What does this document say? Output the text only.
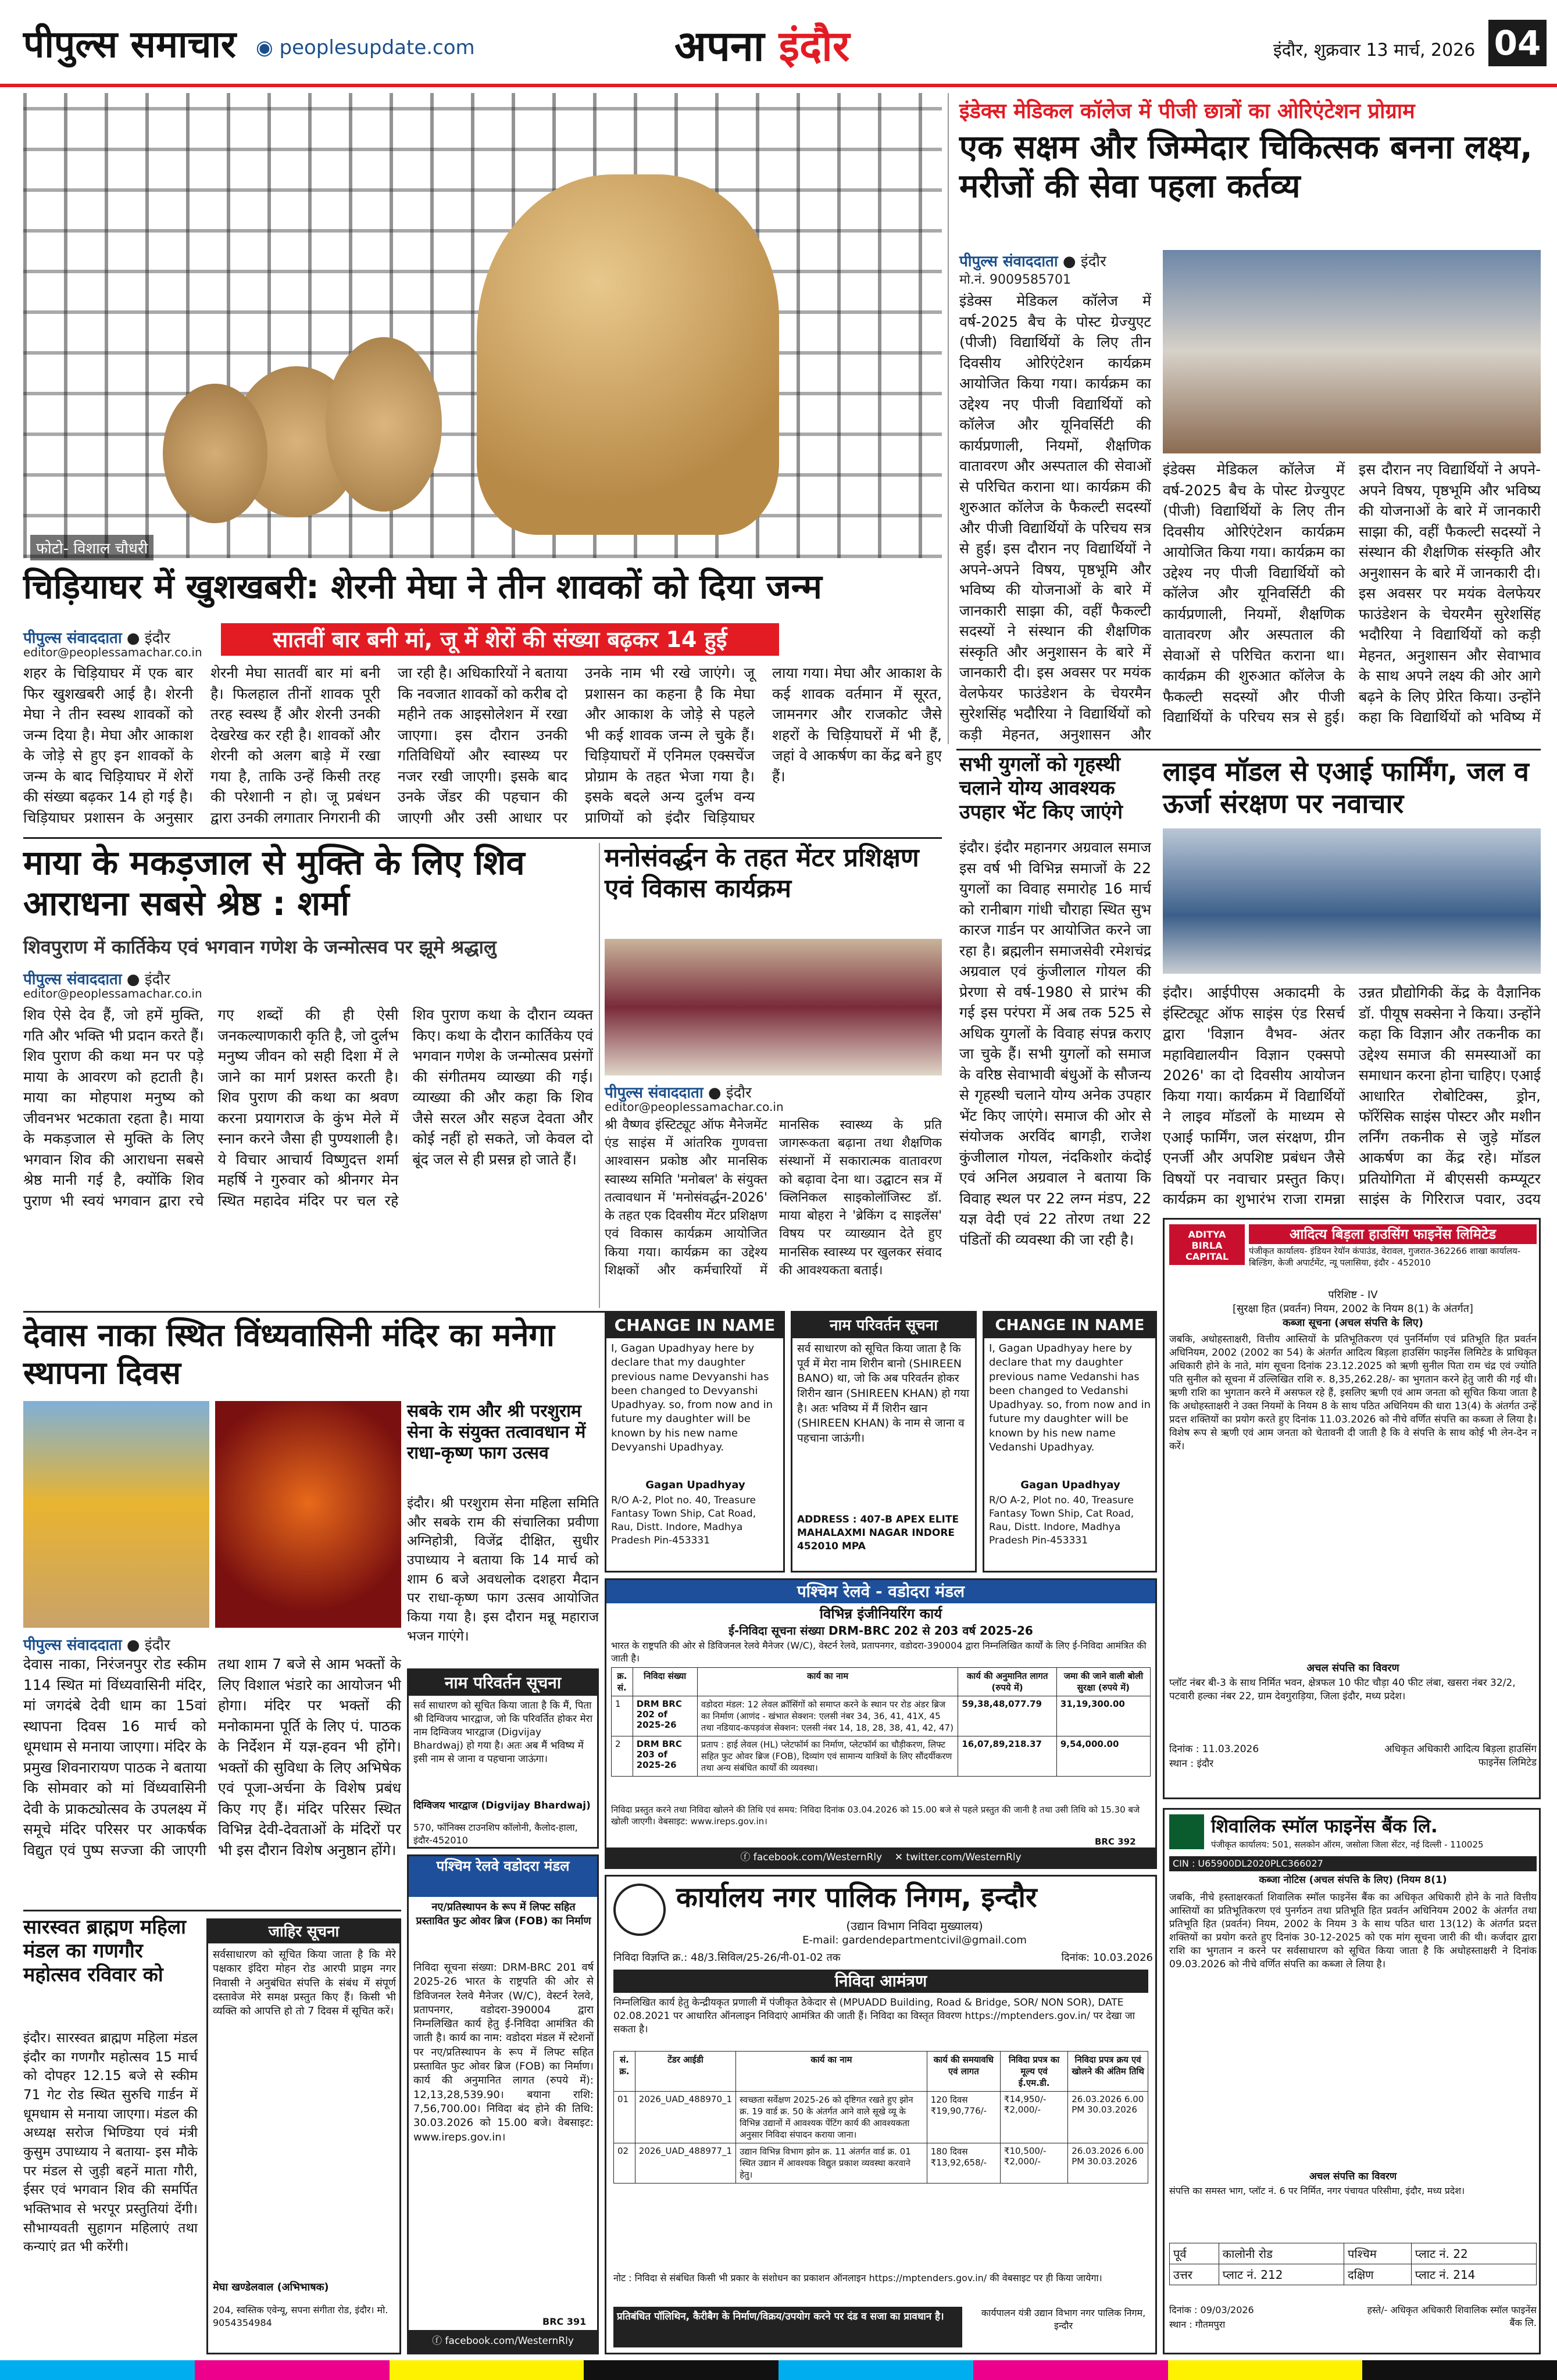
पीपुल्स समाचार ◉ peoplesupdate.com	अपना इंदौर	इंदौर, शुक्रवार 13 मार्च, 2026 04
फोटो- विशाल चौधरी
चिड़ियाघर में खुशखबरी: शेरनी मेघा ने तीन शावकों को दिया जन्म
पीपुल्स संवाददाता ● इंदौर
editor@peoplessamachar.co.in	सातवीं बार बनी मां, जू में शेरों की संख्या बढ़कर 14 हुई
शहर के चिड़ियाघर में एक बार फिर खुशखबरी आई है। शेरनी मेघा ने तीन स्वस्थ शावकों को जन्म दिया है। मेघा और आकाश के जोड़े से हुए इन शावकों के जन्म के बाद चिड़ियाघर में शेरों की संख्या बढ़कर 14 हो गई है। चिड़ियाघर प्रशासन के अनुसार शेरनी मेघा सातवीं बार मां बनी है। फिलहाल तीनों शावक पूरी तरह स्वस्थ हैं और शेरनी उनकी देखरेख कर रही है। शावकों और शेरनी को अलग बाड़े में रखा गया है, ताकि उन्हें किसी तरह की परेशानी न हो। जू प्रबंधन द्वारा उनकी लगातार निगरानी की जा रही है। अधिकारियों ने बताया कि नवजात शावकों को करीब दो महीने तक आइसोलेशन में रखा जाएगा। इस दौरान उनकी गतिविधियों और स्वास्थ्य पर नजर रखी जाएगी। इसके बाद उनके जेंडर की पहचान की जाएगी और उसी आधार पर उनके नाम भी रखे जाएंगे। जू प्रशासन का कहना है कि मेघा और आकाश के जोड़े से पहले भी कई शावक जन्म ले चुके हैं। चिड़ियाघरों में एनिमल एक्सचेंज प्रोग्राम के तहत भेजा गया है। इसके बदले अन्य दुर्लभ वन्य प्राणियों को इंदौर चिड़ियाघर लाया गया। मेघा और आकाश के कई शावक वर्तमान में सूरत, जामनगर और राजकोट जैसे शहरों के चिड़ियाघरों में भी हैं, जहां वे आकर्षण का केंद्र बने हुए हैं।
इंडेक्स मेडिकल कॉलेज में पीजी छात्रों का ओरिएंटेशन प्रोग्राम
एक सक्षम और जिम्मेदार चिकित्सक बनना लक्ष्य, मरीजों की सेवा पहला कर्तव्य
पीपुल्स संवाददाता ● इंदौर
मो.नं. 9009585701
इंडेक्स मेडिकल कॉलेज में वर्ष-2025 बैच के पोस्ट ग्रेज्युएट (पीजी) विद्यार्थियों के लिए तीन दिवसीय ओरिएंटेशन कार्यक्रम आयोजित किया गया। कार्यक्रम का उद्देश्य नए पीजी विद्यार्थियों को कॉलेज और यूनिवर्सिटी की कार्यप्रणाली, नियमों, शैक्षणिक वातावरण और अस्पताल की सेवाओं से परिचित कराना था। कार्यक्रम की शुरुआत कॉलेज के फैकल्टी सदस्यों और पीजी विद्यार्थियों के परिचय सत्र से हुई। इस दौरान नए विद्यार्थियों ने अपने-अपने विषय, पृष्ठभूमि और भविष्य की योजनाओं के बारे में जानकारी साझा की, वहीं फैकल्टी सदस्यों ने संस्थान की शैक्षणिक संस्कृति और अनुशासन के बारे में जानकारी दी। इस अवसर पर मयंक वेलफेयर फाउंडेशन के चेयरमैन सुरेशसिंह भदौरिया ने विद्यार्थियों को कड़ी मेहनत, अनुशासन और
इंडेक्स मेडिकल कॉलेज में वर्ष-2025 बैच के पोस्ट ग्रेज्युएट (पीजी) विद्यार्थियों के लिए तीन दिवसीय ओरिएंटेशन कार्यक्रम आयोजित किया गया। कार्यक्रम का उद्देश्य नए पीजी विद्यार्थियों को कॉलेज और यूनिवर्सिटी की कार्यप्रणाली, नियमों, शैक्षणिक वातावरण और अस्पताल की सेवाओं से परिचित कराना था। कार्यक्रम की शुरुआत कॉलेज के फैकल्टी सदस्यों और पीजी विद्यार्थियों के परिचय सत्र से हुई। इस दौरान नए विद्यार्थियों ने अपने-अपने विषय, पृष्ठभूमि और भविष्य की योजनाओं के बारे में जानकारी साझा की, वहीं फैकल्टी सदस्यों ने संस्थान की शैक्षणिक संस्कृति और अनुशासन के बारे में जानकारी दी। इस अवसर पर मयंक वेलफेयर फाउंडेशन के चेयरमैन सुरेशसिंह भदौरिया ने विद्यार्थियों को कड़ी मेहनत, अनुशासन और सेवाभाव के साथ अपने लक्ष्य की ओर आगे बढ़ने के लिए प्रेरित किया। उन्होंने कहा कि विद्यार्थियों को भविष्य में
सभी युगलों को गृहस्थी चलाने योग्य आवश्यक उपहार भेंट किए जाएंगे
इंदौर। इंदौर महानगर अग्रवाल समाज इस वर्ष भी विभिन्न समाजों के 22 युगलों का विवाह समारोह 16 मार्च को रानीबाग गांधी चौराहा स्थित सुभ कारज गार्डन पर आयोजित करने जा रहा है। ब्रह्मलीन समाजसेवी रमेशचंद्र अग्रवाल एवं कुंजीलाल गोयल की प्रेरणा से वर्ष-1980 से प्रारंभ की गई इस परंपरा में अब तक 525 से अधिक युगलों के विवाह संपन्न कराए जा चुके हैं। सभी युगलों को समाज के वरिष्ठ सेवाभावी बंधुओं के सौजन्य से गृहस्थी चलाने योग्य अनेक उपहार भेंट किए जाएंगे। समाज की ओर से संयोजक अरविंद बागड़ी, राजेश कुंजीलाल गोयल, नंदकिशोर कंदोई एवं अनिल अग्रवाल ने बताया कि विवाह स्थल पर 22 लग्न मंडप, 22 यज्ञ वेदी एवं 22 तोरण तथा 22 पंडितों की व्यवस्था की जा रही है।
लाइव मॉडल से एआई फार्मिंग, जल व ऊर्जा संरक्षण पर नवाचार
इंदौर। आईपीएस अकादमी के इंस्टिट्यूट ऑफ साइंस एंड रिसर्च द्वारा 'विज्ञान वैभव- अंतर महाविद्यालयीन विज्ञान एक्सपो 2026' का दो दिवसीय आयोजन किया गया। कार्यक्रम में विद्यार्थियों ने लाइव मॉडलों के माध्यम से एआई फार्मिंग, जल संरक्षण, ग्रीन एनर्जी और अपशिष्ट प्रबंधन जैसे विषयों पर नवाचार प्रस्तुत किए। कार्यक्रम का शुभारंभ राजा रामन्ना उन्नत प्रौद्योगिकी केंद्र के वैज्ञानिक डॉ. पीयूष सक्सेना ने किया। उन्होंने कहा कि विज्ञान और तकनीक का उद्देश्य समाज की समस्याओं का समाधान करना होना चाहिए। एआई आधारित रोबोटिक्स, ड्रोन, फॉरेंसिक साइंस पोस्टर और मशीन लर्निंग तकनीक से जुड़े मॉडल आकर्षण का केंद्र रहे। मॉडल प्रतियोगिता में बीएससी कम्प्यूटर साइंस के गिरिराज पवार, उदय
ADITYA BIRLA CAPITAL
आदित्य बिड़ला हाउसिंग फाइनेंस लिमिटेड
पंजीकृत कार्यालय- इंडियन रेयॉन कंपाउंड, वेरावल, गुजरात-362266 शाखा कार्यालय- बिल्डिंग, केजी अपार्टमेंट, न्यू पलासिया, इंदौर - 452010
परिशिष्ट - IV
[सुरक्षा हित (प्रवर्तन) नियम, 2002 के नियम 8(1) के अंतर्गत]
कब्जा सूचना (अचल संपत्ति के लिए)
जबकि, अधोहस्ताक्षरी, वित्तीय आस्तियों के प्रतिभूतिकरण एवं पुनर्निर्माण एवं प्रतिभूति हित प्रवर्तन अधिनियम, 2002 (2002 का 54) के अंतर्गत आदित्य बिड़ला हाउसिंग फाइनेंस लिमिटेड के प्राधिकृत अधिकारी होने के नाते, मांग सूचना दिनांक 23.12.2025 को ऋणी सुनील पिता राम चंद्र एवं ज्योति पति सुनील को सूचना में उल्लिखित राशि रु. 8,35,262.28/- का भुगतान करने हेतु जारी की गई थी। ऋणी राशि का भुगतान करने में असफल रहे हैं, इसलिए ऋणी एवं आम जनता को सूचित किया जाता है कि अधोहस्ताक्षरी ने उक्त नियमों के नियम 8 के साथ पठित अधिनियम की धारा 13(4) के अंतर्गत उन्हें प्रदत्त शक्तियों का प्रयोग करते हुए दिनांक 11.03.2026 को नीचे वर्णित संपत्ति का कब्जा ले लिया है। विशेष रूप से ऋणी एवं आम जनता को चेतावनी दी जाती है कि वे संपत्ति के साथ कोई भी लेन-देन न करें।
अचल संपत्ति का विवरण
प्लॉट नंबर बी-3 के साथ निर्मित भवन, क्षेत्रफल 10 फीट चौड़ा 40 फीट लंबा, खसरा नंबर 32/2, पटवारी हल्का नंबर 22, ग्राम देवगुराड़िया, जिला इंदौर, मध्य प्रदेश।
दिनांक : 11.03.2026
स्थान : इंदौर
अधिकृत अधिकारी आदित्य बिड़ला हाउसिंग फाइनेंस लिमिटेड
शिवालिक स्मॉल फाइनेंस बैंक लि.
पंजीकृत कार्यालय: 501, सलकोन ऑरम, जसोला जिला सेंटर, नई दिल्ली - 110025
CIN : U65900DL2020PLC366027
कब्जा नोटिस (अचल संपत्ति के लिए) (नियम 8(1)
जबकि, नीचे हस्ताक्षरकर्ता शिवालिक स्मॉल फाइनेंस बैंक का अधिकृत अधिकारी होने के नाते वित्तीय आस्तियों का प्रतिभूतिकरण एवं पुनर्गठन तथा प्रतिभूति हित प्रवर्तन अधिनियम 2002 के अंतर्गत तथा प्रतिभूति हित (प्रवर्तन) नियम, 2002 के नियम 3 के साथ पठित धारा 13(12) के अंतर्गत प्रदत्त शक्तियों का प्रयोग करते हुए दिनांक 30-12-2025 को एक मांग सूचना जारी की थी। कर्जदार द्वारा राशि का भुगतान न करने पर सर्वसाधारण को सूचित किया जाता है कि अधोहस्ताक्षरी ने दिनांक 09.03.2026 को नीचे वर्णित संपत्ति का कब्जा ले लिया है।
अचल संपत्ति का विवरण
संपत्ति का समस्त भाग, प्लॉट नं. 6 पर निर्मित, नगर पंचायत परिसीमा, इंदौर, मध्य प्रदेश।
पूर्व	कालोनी रोड	पश्चिम	प्लाट नं. 22
उत्तर	प्लाट नं. 212	दक्षिण	प्लाट नं. 214
दिनांक : 09/03/2026
स्थान : गौतमपुरा
हस्ते/- अधिकृत अधिकारी शिवालिक स्मॉल फाइनेंस बैंक लि.
माया के मकड़जाल से मुक्ति के लिए शिव आराधना सबसे श्रेष्ठ : शर्मा
शिवपुराण में कार्तिकेय एवं भगवान गणेश के जन्मोत्सव पर झूमे श्रद्धालु
पीपुल्स संवाददाता ● इंदौर
editor@peoplessamachar.co.in
शिव ऐसे देव हैं, जो हमें मुक्ति, गति और भक्ति भी प्रदान करते हैं। शिव पुराण की कथा मन पर पड़े माया के आवरण को हटाती है। माया का मोहपाश मनुष्य को जीवनभर भटकाता रहता है। माया के मकड़जाल से मुक्ति के लिए भगवान शिव की आराधना सबसे श्रेष्ठ मानी गई है, क्योंकि शिव पुराण भी स्वयं भगवान द्वारा रचे गए शब्दों की ही ऐसी जनकल्याणकारी कृति है, जो दुर्लभ मनुष्य जीवन को सही दिशा में ले जाने का मार्ग प्रशस्त करती है। शिव पुराण की कथा का श्रवण करना प्रयागराज के कुंभ मेले में स्नान करने जैसा ही पुण्यशाली है। ये विचार आचार्य विष्णुदत्त शर्मा महर्षि ने गुरुवार को श्रीनगर मेन स्थित महादेव मंदिर पर चल रहे शिव पुराण कथा के दौरान व्यक्त किए। कथा के दौरान कार्तिकेय एवं भगवान गणेश के जन्मोत्सव प्रसंगों की संगीतमय व्याख्या की गई। व्याख्या की और कहा कि शिव जैसे सरल और सहज देवता और कोई नहीं हो सकते, जो केवल दो बूंद जल से ही प्रसन्न हो जाते हैं।
मनोसंवर्द्धन के तहत मेंटर प्रशिक्षण एवं विकास कार्यक्रम
पीपुल्स संवाददाता ● इंदौर
editor@peoplessamachar.co.in
श्री वैष्णव इंस्टिट्यूट ऑफ मैनेजमेंट एंड साइंस में आंतरिक गुणवत्ता आश्वासन प्रकोष्ठ और मानसिक स्वास्थ्य समिति 'मनोबल' के संयुक्त तत्वावधान में 'मनोसंवर्द्धन-2026' के तहत एक दिवसीय मेंटर प्रशिक्षण एवं विकास कार्यक्रम आयोजित किया गया। कार्यक्रम का उद्देश्य शिक्षकों और कर्मचारियों में मानसिक स्वास्थ्य के प्रति जागरूकता बढ़ाना तथा शैक्षणिक संस्थानों में सकारात्मक वातावरण को बढ़ावा देना था। उद्घाटन सत्र में क्लिनिकल साइकोलॉजिस्ट डॉ. माया बोहरा ने 'ब्रेकिंग द साइलेंस' विषय पर व्याख्यान देते हुए मानसिक स्वास्थ्य पर खुलकर संवाद की आवश्यकता बताई।
देवास नाका स्थित विंध्यवासिनी मंदिर का मनेगा स्थापना दिवस
पीपुल्स संवाददाता ● इंदौर
देवास नाका, निरंजनपुर रोड स्कीम 114 स्थित मां विंध्यवासिनी मंदिर, मां जगदंबे देवी धाम का 15वां स्थापना दिवस 16 मार्च को धूमधाम से मनाया जाएगा। मंदिर के प्रमुख शिवनारायण पाठक ने बताया कि सोमवार को मां विंध्यवासिनी देवी के प्राकट्योत्सव के उपलक्ष्य में समूचे मंदिर परिसर पर आकर्षक विद्युत एवं पुष्प सज्जा की जाएगी तथा शाम 7 बजे से आम भक्तों के लिए विशाल भंडारे का आयोजन भी होगा। मंदिर पर भक्तों की मनोकामना पूर्ति के लिए पं. पाठक के निर्देशन में यज्ञ-हवन भी होंगे। भक्तों की सुविधा के लिए अभिषेक एवं पूजा-अर्चना के विशेष प्रबंध किए गए हैं। मंदिर परिसर स्थित विभिन्न देवी-देवताओं के मंदिरों पर भी इस दौरान विशेष अनुष्ठान होंगे।
सबके राम और श्री परशुराम सेना के संयुक्त तत्वावधान में राधा-कृष्ण फाग उत्सव
इंदौर। श्री परशुराम सेना महिला समिति और सबके राम की संचालिका प्रवीणा अग्निहोत्री, विजेंद्र दीक्षित, सुधीर उपाध्याय ने बताया कि 14 मार्च को शाम 6 बजे अवधलोक दशहरा मैदान पर राधा-कृष्ण फाग उत्सव आयोजित किया गया है। इस दौरान मन्नू महाराज भजन गाएंगे।
नाम परिवर्तन सूचना
सर्व साधारण को सूचित किया जाता है कि मैं, पिता श्री दिग्विजय भारद्वाज, जो कि परिवर्तित होकर मेरा नाम दिग्विजय भारद्वाज (Digvijay Bhardwaj) हो गया है। अतः अब मैं भविष्य में इसी नाम से जाना व पहचाना जाऊंगा।
दिग्विजय भारद्वाज (Digvijay Bhardwaj)
570, फॉनिक्स टाउनशिप कॉलोनी, कैलोद-हाला, इंदौर-452010
पश्चिम रेलवे वडोदरा मंडल
नए/प्रतिस्थापन के रूप में लिफ्ट सहित प्रस्तावित फुट ओवर ब्रिज (FOB) का निर्माण
निविदा सूचना संख्या: DRM-BRC 201 वर्ष 2025-26 भारत के राष्ट्रपति की ओर से डिविजनल रेलवे मैनेजर (W/C), वेस्टर्न रेलवे, प्रतापनगर, वडोदरा-390004 द्वारा निम्नलिखित कार्य हेतु ई-निविदा आमंत्रित की जाती है। कार्य का नाम: वडोदरा मंडल में स्टेशनों पर नए/प्रतिस्थापन के रूप में लिफ्ट सहित प्रस्तावित फुट ओवर ब्रिज (FOB) का निर्माण। कार्य की अनुमानित लागत (रुपये में): 12,13,28,539.90। बयाना राशि: 7,56,700.00। निविदा बंद होने की तिथि: 30.03.2026 को 15.00 बजे। वेबसाइट: www.ireps.gov.in।
BRC 391
ⓕ facebook.com/WesternRly
सारस्वत ब्राह्मण महिला मंडल का गणगौर महोत्सव रविवार को
इंदौर। सारस्वत ब्राह्मण महिला मंडल इंदौर का गणगौर महोत्सव 15 मार्च को दोपहर 12.15 बजे से स्कीम 71 गेट रोड स्थित सुरुचि गार्डन में धूमधाम से मनाया जाएगा। मंडल की अध्यक्ष सरोज भिण्डिया एवं मंत्री कुसुम उपाध्याय ने बताया- इस मौके पर मंडल से जुड़ी बहनें माता गौरी, ईसर एवं भगवान शिव की समर्पित भक्तिभाव से भरपूर प्रस्तुतियां देंगी। सौभाग्यवती सुहागन महिलाएं तथा कन्याएं व्रत भी करेंगी।
जाहिर सूचना
सर्वसाधारण को सूचित किया जाता है कि मेरे पक्षकार इंदिरा मोहन रोड आरपी प्राइम नगर निवासी ने अनुबंधित संपत्ति के संबंध में संपूर्ण दस्तावेज मेरे समक्ष प्रस्तुत किए हैं। किसी भी व्यक्ति को आपत्ति हो तो 7 दिवस में सूचित करें।
मेघा खण्डेलवाल (अभिभाषक)
204, स्वस्तिक एवेन्यू, सपना संगीता रोड, इंदौर। मो. 9054354984
CHANGE IN NAME
I, Gagan Upadhyay here by declare that my daughter previous name Devyanshi has been changed to Devyanshi Upadhyay. so, from now and in future my daughter will be known by his new name Devyanshi Upadhyay.
Gagan Upadhyay
R/O A-2, Plot no. 40, Treasure Fantasy Town Ship, Cat Road, Rau, Distt. Indore, Madhya Pradesh Pin-453331
नाम परिवर्तन सूचना
सर्व साधारण को सूचित किया जाता है कि पूर्व में मेरा नाम शिरीन बानो (SHIREEN BANO) था, जो कि अब परिवर्तन होकर शिरीन खान (SHIREEN KHAN) हो गया है। अतः भविष्य में मैं शिरीन खान (SHIREEN KHAN) के नाम से जाना व पहचाना जाऊंगी।
ADDRESS : 407-B APEX ELITE MAHALAXMI NAGAR INDORE 452010 MPA
CHANGE IN NAME
I, Gagan Upadhyay here by declare that my daughter previous name Vedanshi has been changed to Vedanshi Upadhyay. so, from now and in future my daughter will be known by his new name Vedanshi Upadhyay.
Gagan Upadhyay
R/O A-2, Plot no. 40, Treasure Fantasy Town Ship, Cat Road, Rau, Distt. Indore, Madhya Pradesh Pin-453331
पश्चिम रेलवे - वडोदरा मंडल
विभिन्न इंजीनियरिंग कार्य
ई-निविदा सूचना संख्या DRM-BRC 202 से 203 वर्ष 2025-26
भारत के राष्ट्रपति की ओर से डिविजनल रेलवे मैनेजर (W/C), वेस्टर्न रेलवे, प्रतापनगर, वडोदरा-390004 द्वारा निम्नलिखित कार्यों के लिए ई-निविदा आमंत्रित की जाती है।
क्र. सं.	निविदा संख्या	कार्य का नाम	कार्य की अनुमानित लागत (रुपये में)	जमा की जाने वाली बोली सुरक्षा (रुपये में)
1	DRM BRC 202 of 2025-26	वडोदरा मंडल: 12 लेवल क्रॉसिंगों को समाप्त करने के स्थान पर रोड अंडर ब्रिज का निर्माण (आणंद - खंभात सेक्शन: एलसी नंबर 34, 36, 41, 41X, 45 तथा नडियाद-कपड़वंज सेक्शन: एलसी नंबर 14, 18, 28, 38, 41, 42, 47)	59,38,48,077.79	31,19,300.00
2	DRM BRC 203 of 2025-26	प्रताप : हाई लेवल (HL) प्लेटफॉर्म का निर्माण, प्लेटफॉर्म का चौड़ीकरण, लिफ्ट सहित फुट ओवर ब्रिज (FOB), दिव्यांग एवं सामान्य यात्रियों के लिए सौंदर्यीकरण तथा अन्य संबंधित कार्यों की व्यवस्था।	16,07,89,218.37	9,54,000.00
निविदा प्रस्तुत करने तथा निविदा खोलने की तिथि एवं समय: निविदा दिनांक 03.04.2026 को 15.00 बजे से पहले प्रस्तुत की जानी है तथा उसी तिथि को 15.30 बजे खोली जाएगी। वेबसाइट: www.ireps.gov.in।
BRC 392
ⓕ facebook.com/WesternRly ✕ twitter.com/WesternRly
कार्यालय नगर पालिक निगम, इन्दौर
(उद्यान विभाग निविदा मुख्यालय)
E-mail: gardendepartmentcivil@gmail.com
निविदा विज्ञप्ति क्र.: 48/3.सिविल/25-26/नी-01-02 तक	दिनांक: 10.03.2026
निविदा आमंत्रण
निम्नलिखित कार्य हेतु केन्द्रीयकृत प्रणाली में पंजीकृत ठेकेदार से (MPUADD Building, Road & Bridge, SOR/ NON SOR), DATE 02.08.2021 पर आधारित ऑनलाइन निविदाएं आमंत्रित की जाती हैं। निविदा का विस्तृत विवरण https://mptenders.gov.in/ पर देखा जा सकता है।
सं. क्र.	टेंडर आईडी	कार्य का नाम	कार्य की समयावधि एवं लागत	निविदा प्रपत्र का मूल्य एवं ई.एम.डी.	निविदा प्रपत्र क्रय एवं खोलने की अंतिम तिथि
01	2026_UAD_488970_1	स्वच्छता सर्वेक्षण 2025-26 को दृष्टिगत रखते हुए झोन क्र. 19 वार्ड क्र. 50 के अंतर्गत आने वाले सूखे व्यू के विभिन्न उद्यानों में आवश्यक पेंटिंग कार्य की आवश्यकता अनुसार निविदा संपादन कराया जाना।	120 दिवस ₹19,90,776/-	₹14,950/- ₹2,000/-	26.03.2026 6.00 PM 30.03.2026
02	2026_UAD_488977_1	उद्यान विभिन्न विभाग झोन क्र. 11 अंतर्गत वार्ड क्र. 01 स्थित उद्यान में आवश्यक विद्युत प्रकाश व्यवस्था करवाने हेतु।	180 दिवस ₹13,92,658/-	₹10,500/- ₹2,000/-	26.03.2026 6.00 PM 30.03.2026
नोट : निविदा से संबंधित किसी भी प्रकार के संशोधन का प्रकाशन ऑनलाइन https://mptenders.gov.in/ की वेबसाइट पर ही किया जायेगा।
प्रतिबंधित पॉलिथिन, कैरीबैग के निर्माण/विक्रय/उपयोग करने पर दंड व सजा का प्रावधान है।	कार्यपालन यंत्री उद्यान विभाग नगर पालिक निगम, इन्दौर
